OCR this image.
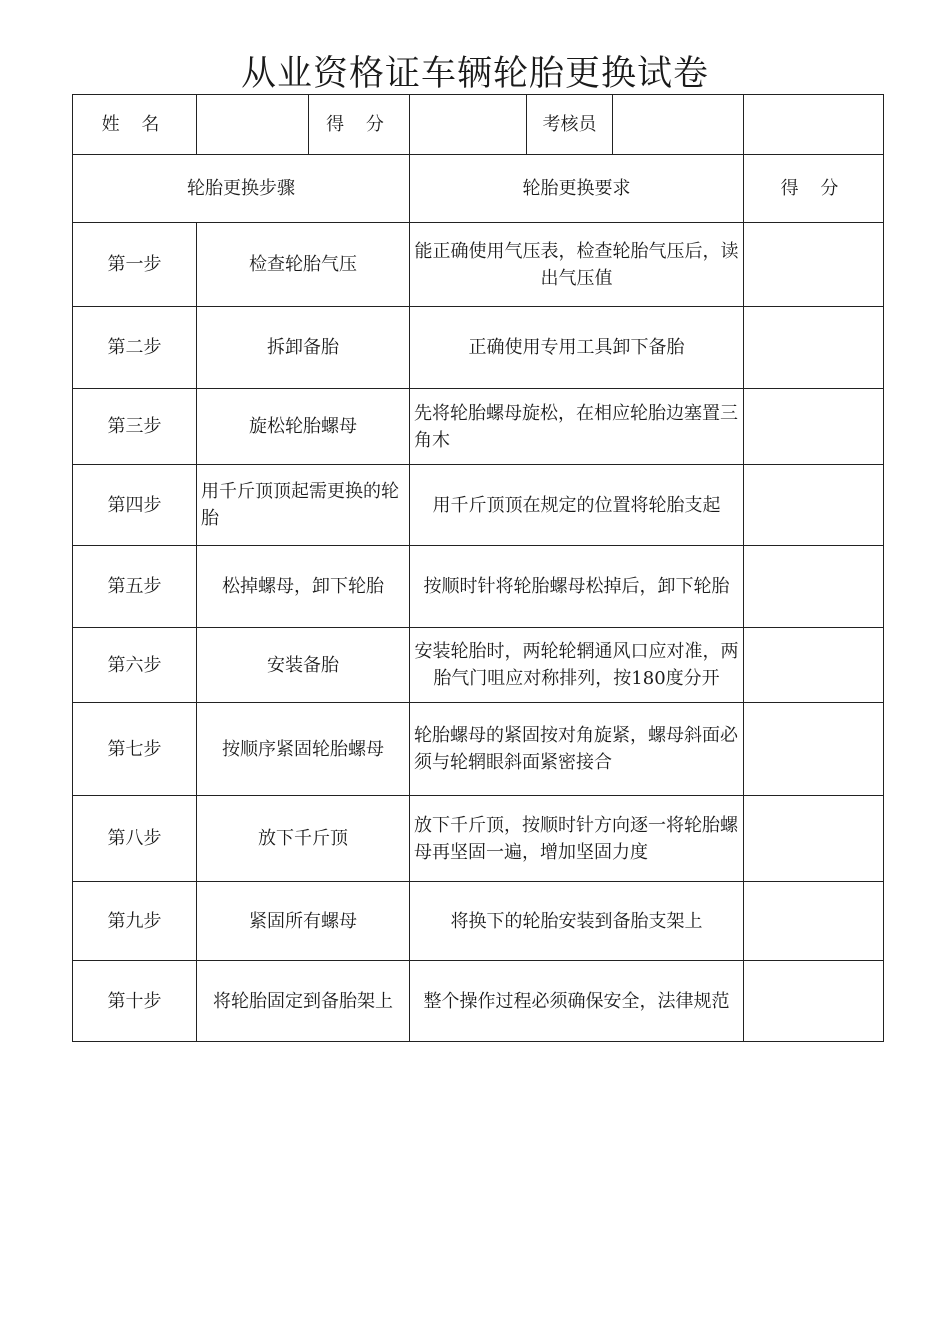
从业资格证车辆轮胎更换试卷
姓 名		得 分		考核员		
轮胎更换步骤			轮胎更换要求			得 分
第一步	检查轮胎气压		能正确使用气压表，检查轮胎气压后，读出气压值			
第二步	拆卸备胎		正确使用专用工具卸下备胎			
第三步	旋松轮胎螺母		先将轮胎螺母旋松，在相应轮胎边塞置三角木			
第四步	用千斤顶顶起需更换的轮胎		用千斤顶顶在规定的位置将轮胎支起			
第五步	松掉螺母，卸下轮胎		按顺时针将轮胎螺母松掉后，卸下轮胎			
第六步	安装备胎		安装轮胎时，两轮轮辋通风口应对准，两胎气门咀应对称排列，按180度分开			
第七步	按顺序紧固轮胎螺母		轮胎螺母的紧固按对角旋紧，螺母斜面必须与轮辋眼斜面紧密接合			
第八步	放下千斤顶		放下千斤顶，按顺时针方向逐一将轮胎螺母再坚固一遍，增加坚固力度			
第九步	紧固所有螺母		将换下的轮胎安装到备胎支架上			
第十步	将轮胎固定到备胎架上		整个操作过程必须确保安全，法律规范			
